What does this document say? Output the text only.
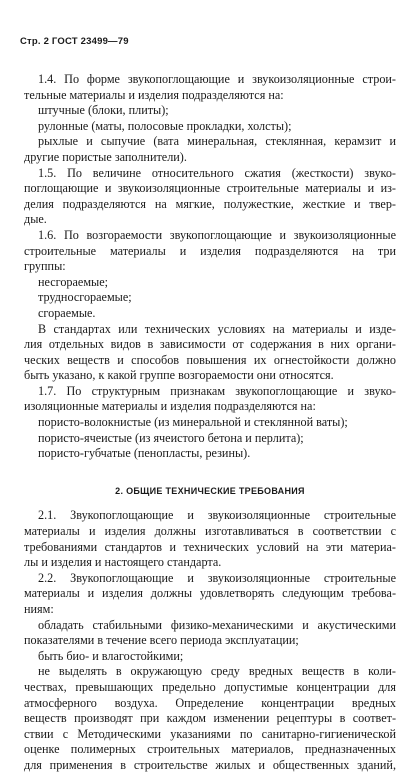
Стр. 2 ГОСТ 23499—79
1.4. По форме звукопоглощающие и звукоизоляционные строи-
тельные материалы и изделия подразделяются на:
штучные (блоки, плиты);
рулонные (маты, полосовые прокладки, холсты);
рыхлые и сыпучие (вата минеральная, стеклянная, керамзит и
другие пористые заполнители).
1.5. По величине относительного сжатия (жесткости) звуко-
поглощающие и звукоизоляционные строительные материалы и из-
делия подразделяются на мягкие, полужесткие, жесткие и твер-
дые.
1.6. По возгораемости звукопоглощающие и звукоизоляционные
строительные материалы и изделия подразделяются на три
группы:
несгораемые;
трудносгораемые;
сгораемые.
В стандартах или технических условиях на материалы и изде-
лия отдельных видов в зависимости от содержания в них органи-
ческих веществ и способов повышения их огнестойкости должно
быть указано, к какой группе возгораемости они относятся.
1.7. По структурным признакам звукопоглощающие и звуко-
изоляционные материалы и изделия подразделяются на:
пористо-волокнистые (из минеральной и стеклянной ваты);
пористо-ячеистые (из ячеистого бетона и перлита);
пористо-губчатые (пенопласты, резины).
2. ОБЩИЕ ТЕХНИЧЕСКИЕ ТРЕБОВАНИЯ
2.1. Звукопоглощающие и звукоизоляционные строительные
материалы и изделия должны изготавливаться в соответствии с
требованиями стандартов и технических условий на эти материа-
лы и изделия и настоящего стандарта.
2.2. Звукопоглощающие и звукоизоляционные строительные
материалы и изделия должны удовлетворять следующим требова-
ниям:
обладать стабильными физико-механическими и акустическими
показателями в течение всего периода эксплуатации;
быть био- и влагостойкими;
не выделять в окружающую среду вредных веществ в коли-
чествах, превышающих предельно допустимые концентрации для
атмосферного воздуха. Определение концентрации вредных
веществ производят при каждом изменении рецептуры в соответ-
ствии с Методическими указаниями по санитарно-гигиенической
оценке полимерных строительных материалов, предназначенных
для применения в строительстве жилых и общественных зданий,
